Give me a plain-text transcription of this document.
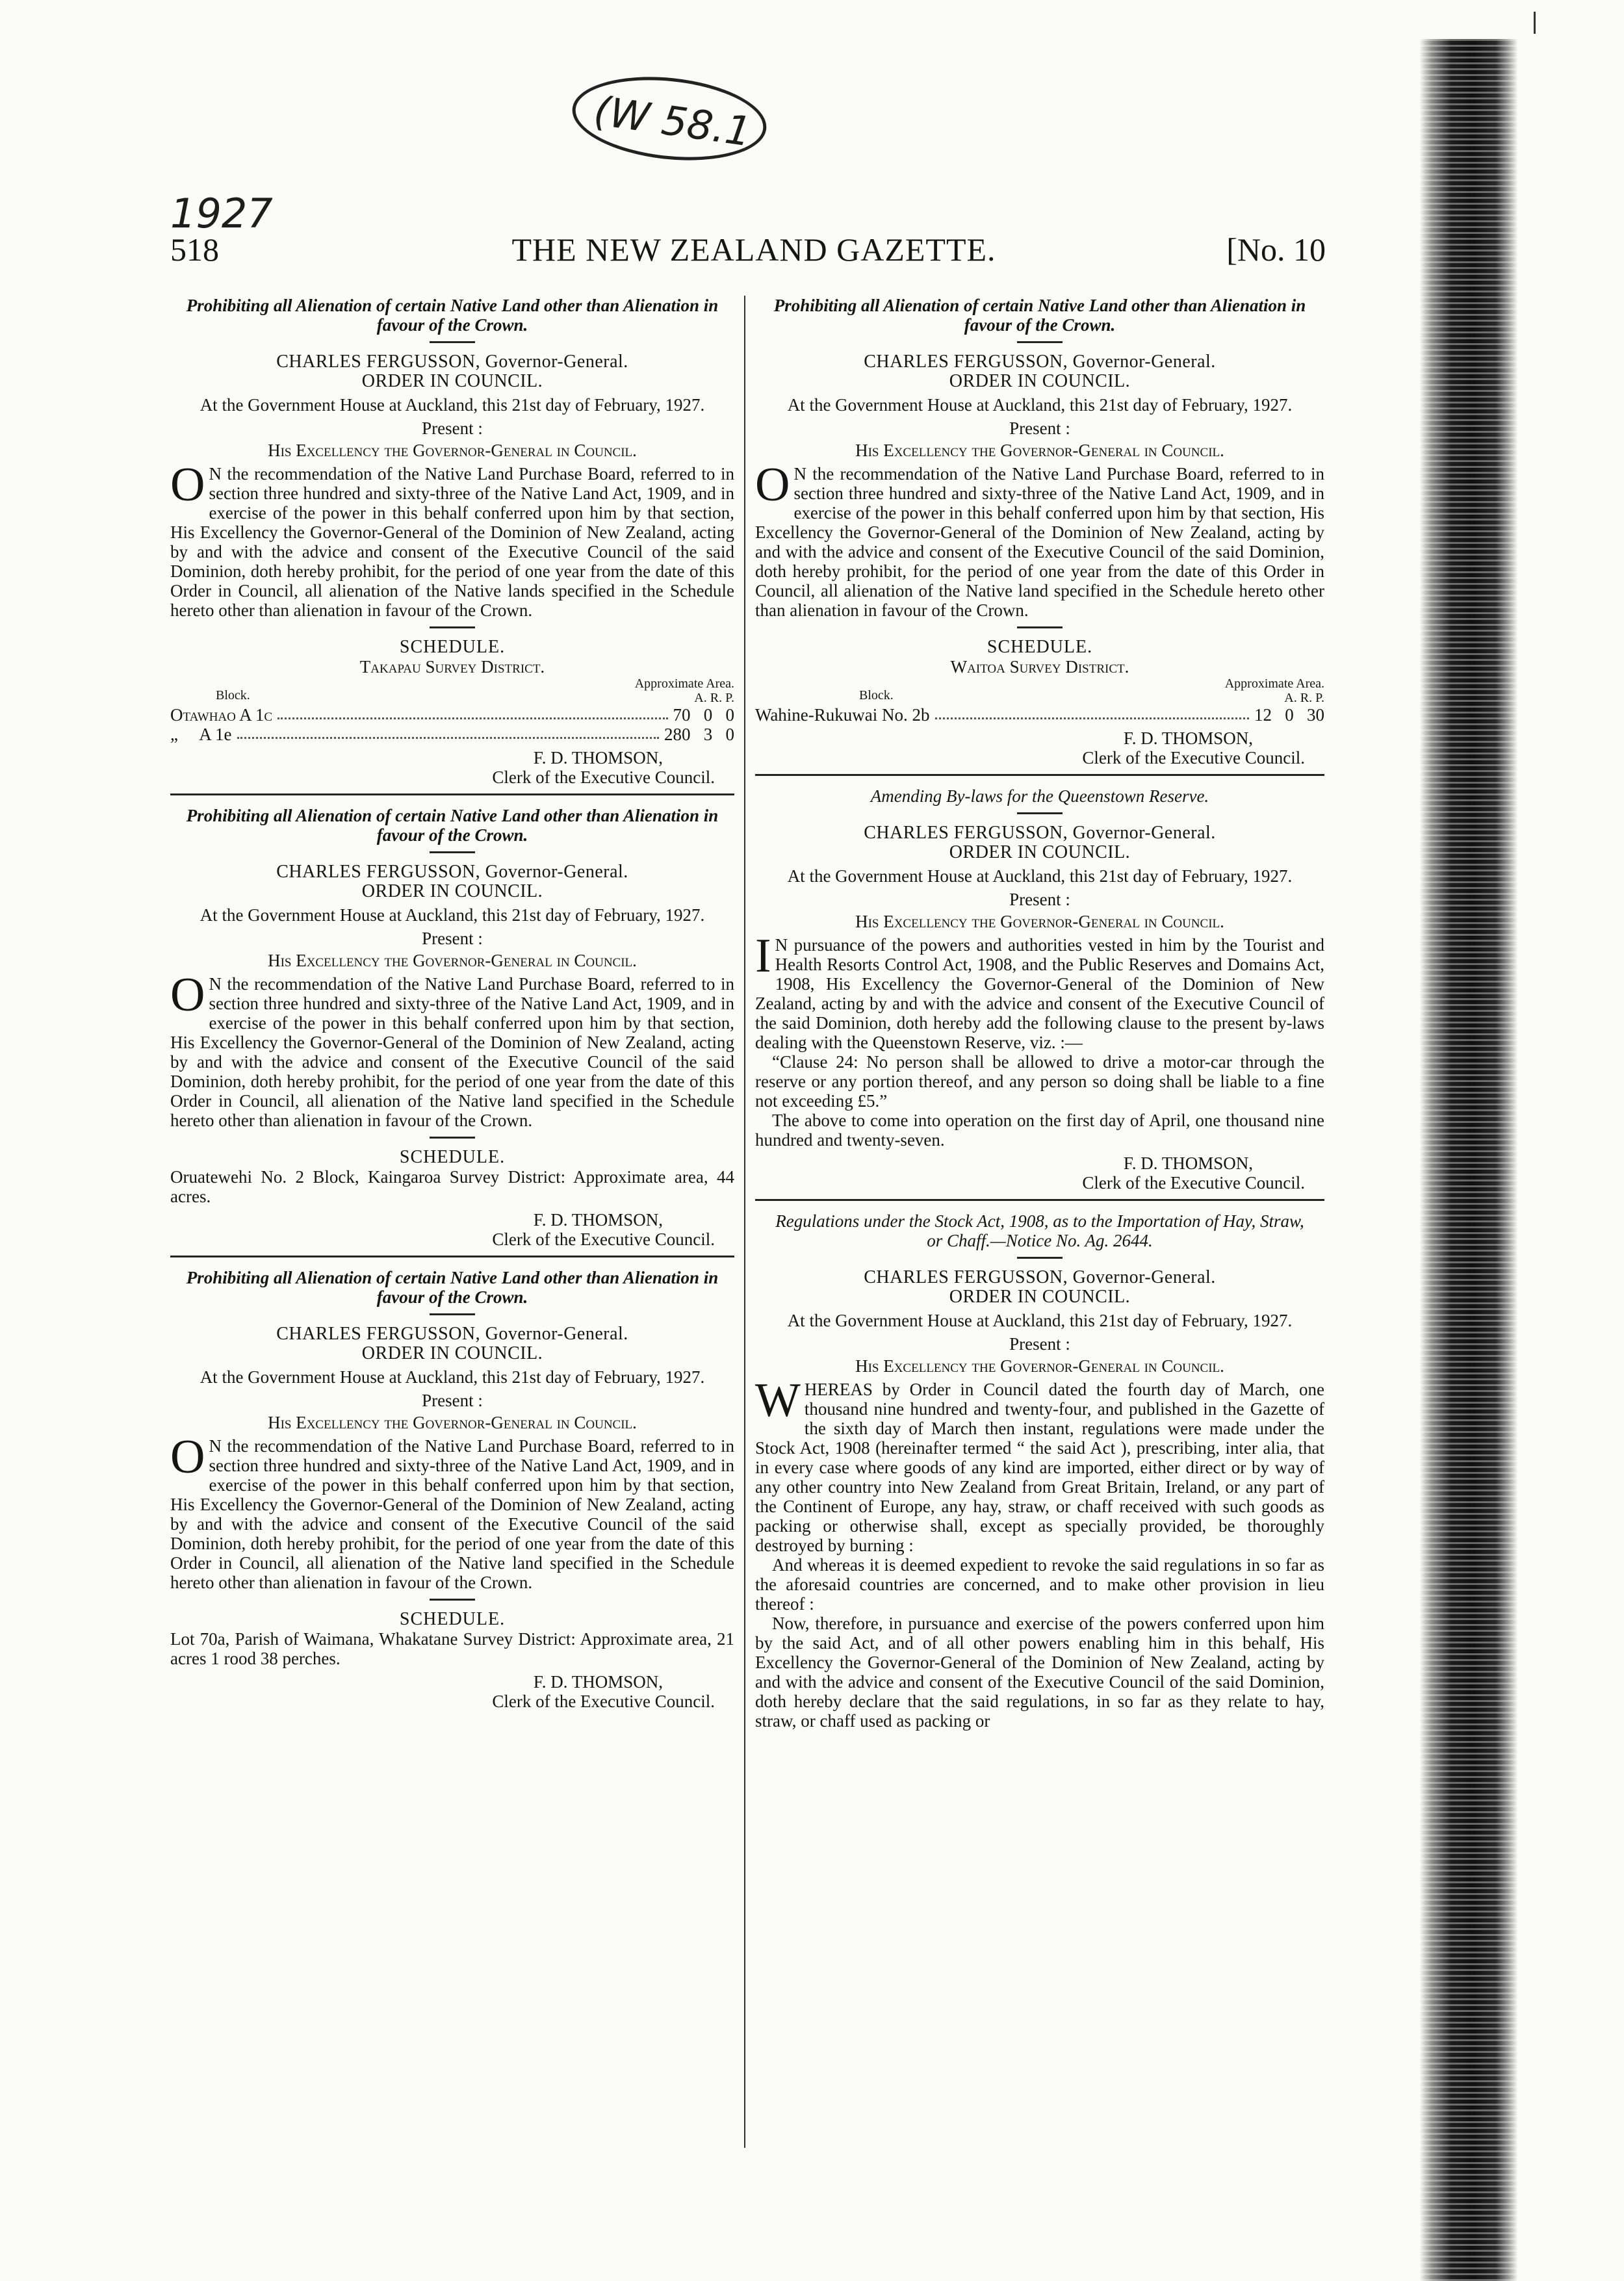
(W 58.1
1927
518	THE NEW ZEALAND GAZETTE.	[No. 10
Prohibiting all Alienation of certain Native Land other than Alienation in favour of the Crown.
CHARLES FERGUSSON, Governor-General.
ORDER IN COUNCIL.
At the Government House at Auckland, this 21st day of February, 1927.
Present :
His Excellency the Governor-General in Council.
O N the recommendation of the Native Land Purchase Board, referred to in section three hundred and sixty-three of the Native Land Act, 1909, and in exercise of the power in this behalf conferred upon him by that section, His Excellency the Governor-General of the Dominion of New Zealand, acting by and with the advice and consent of the Executive Council of the said Dominion, doth hereby prohibit, for the period of one year from the date of this Order in Council, all alienation of the Native lands specified in the Schedule hereto other than alienation in favour of the Crown.
SCHEDULE.
Takapau Survey District.
Block.
Approximate Area.
A. R. P.
Otawhao A 1c	70   0   0
„     A 1e	280   3   0
F. D. THOMSON,
Clerk of the Executive Council.
Prohibiting all Alienation of certain Native Land other than Alienation in favour of the Crown.
CHARLES FERGUSSON, Governor-General.
ORDER IN COUNCIL.
At the Government House at Auckland, this 21st day of February, 1927.
Present :
His Excellency the Governor-General in Council.
O N the recommendation of the Native Land Purchase Board, referred to in section three hundred and sixty-three of the Native Land Act, 1909, and in exercise of the power in this behalf conferred upon him by that section, His Excellency the Governor-General of the Dominion of New Zealand, acting by and with the advice and consent of the Executive Council of the said Dominion, doth hereby prohibit, for the period of one year from the date of this Order in Council, all alienation of the Native land specified in the Schedule hereto other than alienation in favour of the Crown.
SCHEDULE.
Oruatewehi No. 2 Block, Kaingaroa Survey District: Approximate area, 44 acres.
F. D. THOMSON,
Clerk of the Executive Council.
Prohibiting all Alienation of certain Native Land other than Alienation in favour of the Crown.
CHARLES FERGUSSON, Governor-General.
ORDER IN COUNCIL.
At the Government House at Auckland, this 21st day of February, 1927.
Present :
His Excellency the Governor-General in Council.
O N the recommendation of the Native Land Purchase Board, referred to in section three hundred and sixty-three of the Native Land Act, 1909, and in exercise of the power in this behalf conferred upon him by that section, His Excellency the Governor-General of the Dominion of New Zealand, acting by and with the advice and consent of the Executive Council of the said Dominion, doth hereby prohibit, for the period of one year from the date of this Order in Council, all alienation of the Native land specified in the Schedule hereto other than alienation in favour of the Crown.
SCHEDULE.
Lot 70a, Parish of Waimana, Whakatane Survey District: Approximate area, 21 acres 1 rood 38 perches.
F. D. THOMSON,
Clerk of the Executive Council.
Prohibiting all Alienation of certain Native Land other than Alienation in favour of the Crown.
CHARLES FERGUSSON, Governor-General.
ORDER IN COUNCIL.
At the Government House at Auckland, this 21st day of February, 1927.
Present :
His Excellency the Governor-General in Council.
O N the recommendation of the Native Land Purchase Board, referred to in section three hundred and sixty-three of the Native Land Act, 1909, and in exercise of the power in this behalf conferred upon him by that section, His Excellency the Governor-General of the Dominion of New Zealand, acting by and with the advice and consent of the Executive Council of the said Dominion, doth hereby prohibit, for the period of one year from the date of this Order in Council, all alienation of the Native land specified in the Schedule hereto other than alienation in favour of the Crown.
SCHEDULE.
Waitoa Survey District.
Block.
Approximate Area.
A. R. P.
Wahine-Rukuwai No. 2b	12   0   30
F. D. THOMSON,
Clerk of the Executive Council.
Amending By-laws for the Queenstown Reserve.
CHARLES FERGUSSON, Governor-General.
ORDER IN COUNCIL.
At the Government House at Auckland, this 21st day of February, 1927.
Present :
His Excellency the Governor-General in Council.
I N pursuance of the powers and authorities vested in him by the Tourist and Health Resorts Control Act, 1908, and the Public Reserves and Domains Act, 1908, His Excellency the Governor-General of the Dominion of New Zealand, acting by and with the advice and consent of the Executive Council of the said Dominion, doth hereby add the following clause to the present by-laws dealing with the Queenstown Reserve, viz. :—
“Clause 24: No person shall be allowed to drive a motor-car through the reserve or any portion thereof, and any person so doing shall be liable to a fine not exceeding £5.”
The above to come into operation on the first day of April, one thousand nine hundred and twenty-seven.
F. D. THOMSON,
Clerk of the Executive Council.
Regulations under the Stock Act, 1908, as to the Importation of Hay, Straw, or Chaff.—Notice No. Ag. 2644.
CHARLES FERGUSSON, Governor-General.
ORDER IN COUNCIL.
At the Government House at Auckland, this 21st day of February, 1927.
Present :
His Excellency the Governor-General in Council.
W HEREAS by Order in Council dated the fourth day of March, one thousand nine hundred and twenty-four, and published in the Gazette of the sixth day of March then instant, regulations were made under the Stock Act, 1908 (hereinafter termed “ the said Act ), prescribing, inter alia, that in every case where goods of any kind are imported, either direct or by way of any other country into New Zealand from Great Britain, Ireland, or any part of the Continent of Europe, any hay, straw, or chaff received with such goods as packing or otherwise shall, except as specially provided, be thoroughly destroyed by burning :
And whereas it is deemed expedient to revoke the said regulations in so far as the aforesaid countries are concerned, and to make other provision in lieu thereof :
Now, therefore, in pursuance and exercise of the powers conferred upon him by the said Act, and of all other powers enabling him in this behalf, His Excellency the Governor-General of the Dominion of New Zealand, acting by and with the advice and consent of the Executive Council of the said Dominion, doth hereby declare that the said regulations, in so far as they relate to hay, straw, or chaff used as packing or
